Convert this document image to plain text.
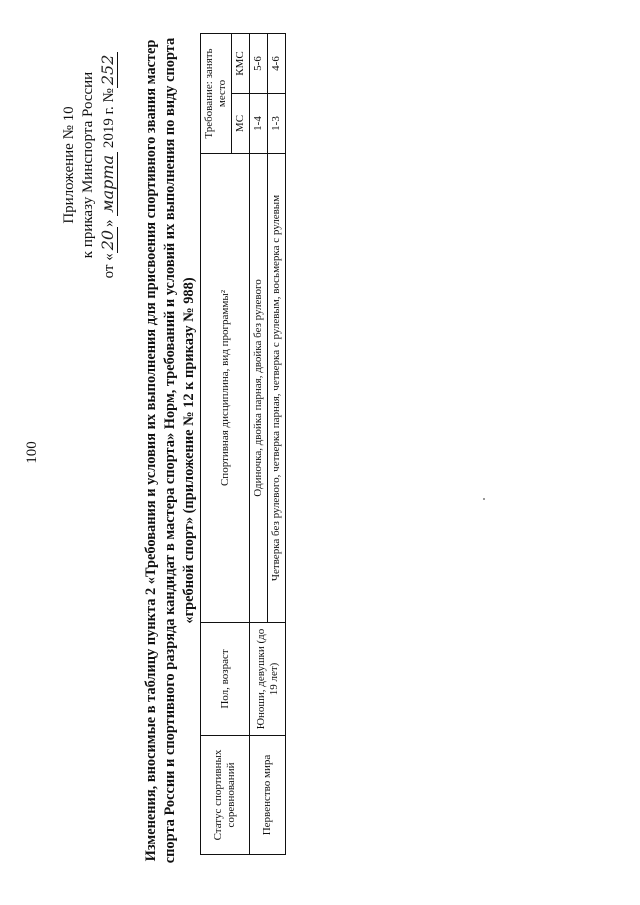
100
Приложение № 10 к приказу Минспорта России
от «20» марта 2019 г. №252 Изменения, вносимые в таблицу пункта 2 «Требования и условия их выполнения для присвоения спортивного звания мастер спорта России и спортивного разряда кандидат в мастера спорта» Норм, требований и условий их выполнения по виду спорта «гребной спорт» (приложение № 12 к приказу № 988)
Статус спортивных соревнований	Пол, возраст	Спортивная дисциплина, вид программы²	Требование: занять место	
			МС	КМС
Первенство мира	Юноши, девушки (до 19 лет)	Одиночка, двойка парная, двойка без рулевого	1-4	5-6
		Четверка без рулевого, четверка парная, четверка с рулевым, восьмерка с рулевым	1-3	4-6
